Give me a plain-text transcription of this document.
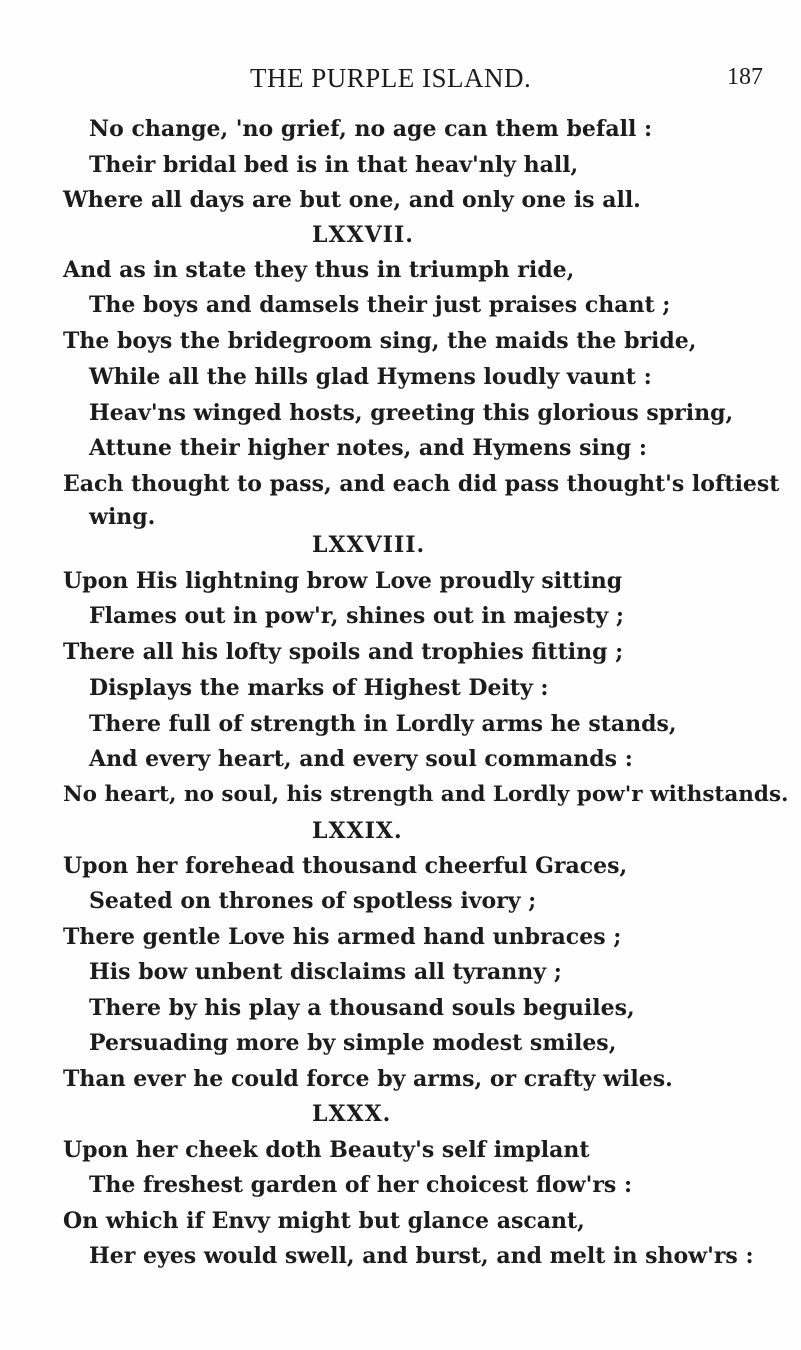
THE PURPLE ISLAND.	187
No change, 'no grief, no age can them befall :
Their bridal bed is in that heav'nly hall,
Where all days are but one, and only one is all.
LXXVII.
And as in state they thus in triumph ride,
The boys and damsels their just praises chant ;
The boys the bridegroom sing, the maids the bride,
While all the hills glad Hymens loudly vaunt :
Heav'ns winged hosts, greeting this glorious spring,
Attune their higher notes, and Hymens sing :
Each thought to pass, and each did pass thought's loftiest
wing.
LXXVIII.
Upon His lightning brow Love proudly sitting
Flames out in pow'r, shines out in majesty ;
There all his lofty spoils and trophies fitting ;
Displays the marks of Highest Deity :
There full of strength in Lordly arms he stands,
And every heart, and every soul commands :
No heart, no soul, his strength and Lordly pow'r withstands.
LXXIX.
Upon her forehead thousand cheerful Graces,
Seated on thrones of spotless ivory ;
There gentle Love his armed hand unbraces ;
His bow unbent disclaims all tyranny ;
There by his play a thousand souls beguiles,
Persuading more by simple modest smiles,
Than ever he could force by arms, or crafty wiles.
LXXX.
Upon her cheek doth Beauty's self implant
The freshest garden of her choicest flow'rs :
On which if Envy might but glance ascant,
Her eyes would swell, and burst, and melt in show'rs :
